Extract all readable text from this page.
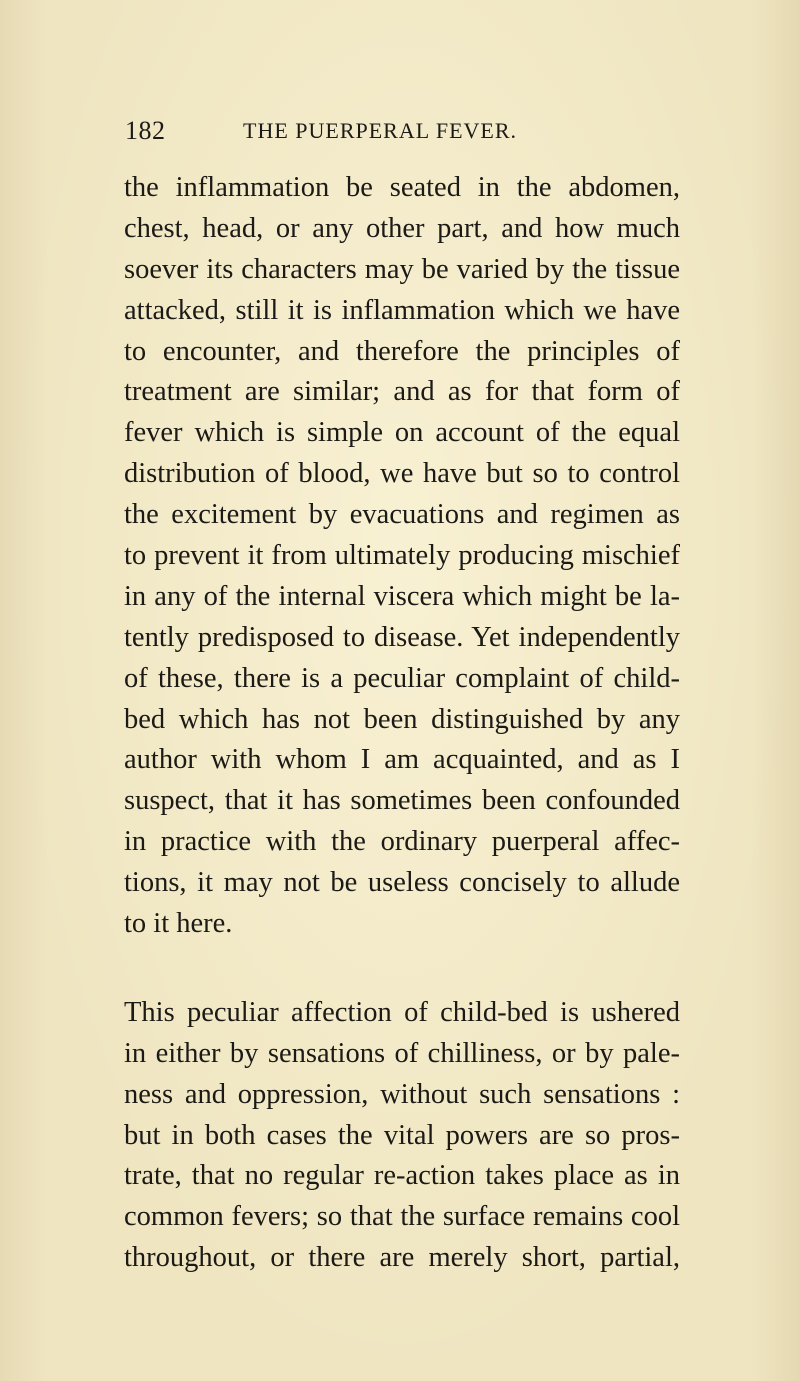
182	THE PUERPERAL FEVER.
the inflammation be seated in the abdomen,
chest, head, or any other part, and how much
soever its characters may be varied by the tissue
attacked, still it is inflammation which we have
to encounter, and therefore the principles of
treatment are similar; and as for that form of
fever which is simple on account of the equal
distribution of blood, we have but so to control
the excitement by evacuations and regimen as
to prevent it from ultimately producing mischief
in any of the internal viscera which might be la-
tently predisposed to disease. Yet independently
of these, there is a peculiar complaint of child-
bed which has not been distinguished by any
author with whom I am acquainted, and as I
suspect, that it has sometimes been confounded
in practice with the ordinary puerperal affec-
tions, it may not be useless concisely to allude
to it here.
This peculiar affection of child-bed is ushered
in either by sensations of chilliness, or by pale-
ness and oppression, without such sensations :
but in both cases the vital powers are so pros-
trate, that no regular re-action takes place as in
common fevers; so that the surface remains cool
throughout, or there are merely short, partial,
